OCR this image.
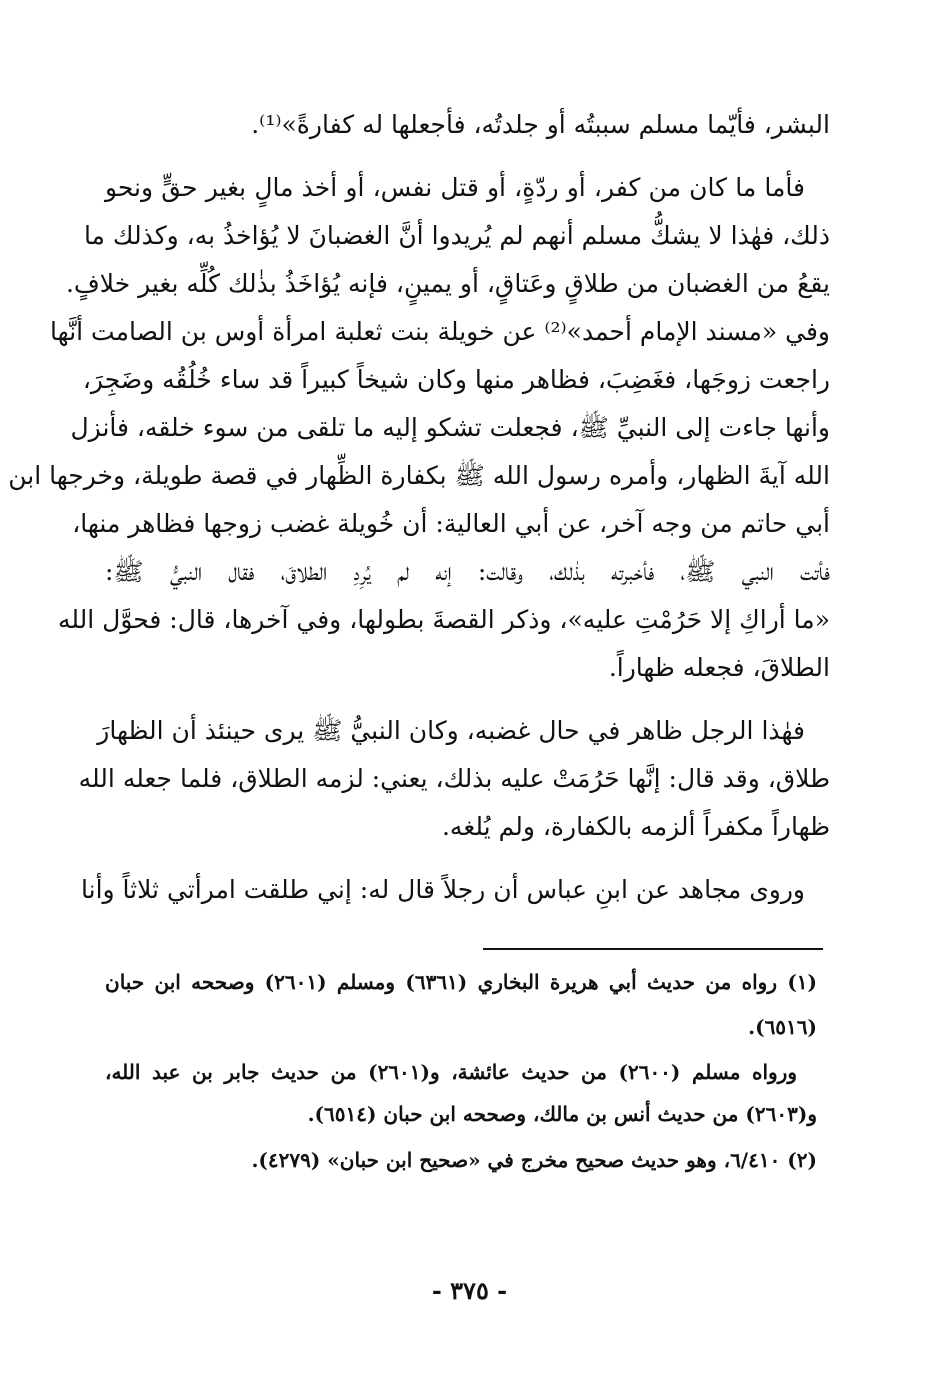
البشر، فأيّما مسلم سببتُه أو جلدتُه، فأجعلها له كفارةً»⁽¹⁾.
فأما ما كان من كفر، أو ردّةٍ، أو قتل نفس، أو أخذ مالٍ بغير حقٍّ ونحو
ذلك، فهٰذا لا يشكُّ مسلم أنهم لم يُريدوا أنَّ الغضبانَ لا يُؤاخذُ به، وكذلك ما
يقعُ من الغضبان من طلاقٍ وعَتاقٍ، أو يمينٍ، فإنه يُؤاخَذُ بذٰلك كُلِّه بغير خلافٍ.
وفي «مسند الإمام أحمد»⁽²⁾ عن خويلة بنت ثعلبة امرأة أوس بن الصامت أنَّها
راجعت زوجَها، فغَضِبَ، فظاهر منها وكان شيخاً كبيراً قد ساء خُلُقُه وضَجِرَ،
وأنها جاءت إلى النبيِّ ﷺ، فجعلت تشكو إليه ما تلقى من سوء خلقه، فأنزل
الله آيةَ الظهار، وأمره رسول الله ﷺ بكفارة الظِّهار في قصة طويلة، وخرجها ابن
أبي حاتم من وجه آخر، عن أبي العالية: أن خُويلة غضب زوجها فظاهر منها،
فأتت النبي ﷺ، فأخبرته بذٰلك، وقالت: إنه لم يُرِدِ الطلاقَ، فقال النبيُّ ﷺ:
«ما أراكِ إلا حَرُمْتِ عليه»، وذكر القصةَ بطولها، وفي آخرها، قال: فحوَّل الله
الطلاقَ، فجعله ظهاراً.
فهٰذا الرجل ظاهر في حال غضبه، وكان النبيُّ ﷺ يرى حينئذ أن الظهارَ
طلاق، وقد قال: إنَّها حَرُمَتْ عليه بذلك، يعني: لزمه الطلاق، فلما جعله الله
ظهاراً مكفراً ألزمه بالكفارة، ولم يُلغه.
وروى مجاهد عن ابنِ عباس أن رجلاً قال له: إني طلقت امرأتي ثلاثاً وأنا
(١) رواه من حديث أبي هريرة البخاري (٦٣٦١) ومسلم (٢٦٠١) وصححه ابن حبان
(٦٥١٦).
ورواه مسلم (٢٦٠٠) من حديث عائشة، و(٢٦٠١) من حديث جابر بن عبد الله،
و(٢٦٠٣) من حديث أنس بن مالك، وصححه ابن حبان (٦٥١٤).
(٢) ٦/٤١٠، وهو حديث صحيح مخرج في «صحيح ابن حبان» (٤٢٧٩).
- ٣٧٥ -
